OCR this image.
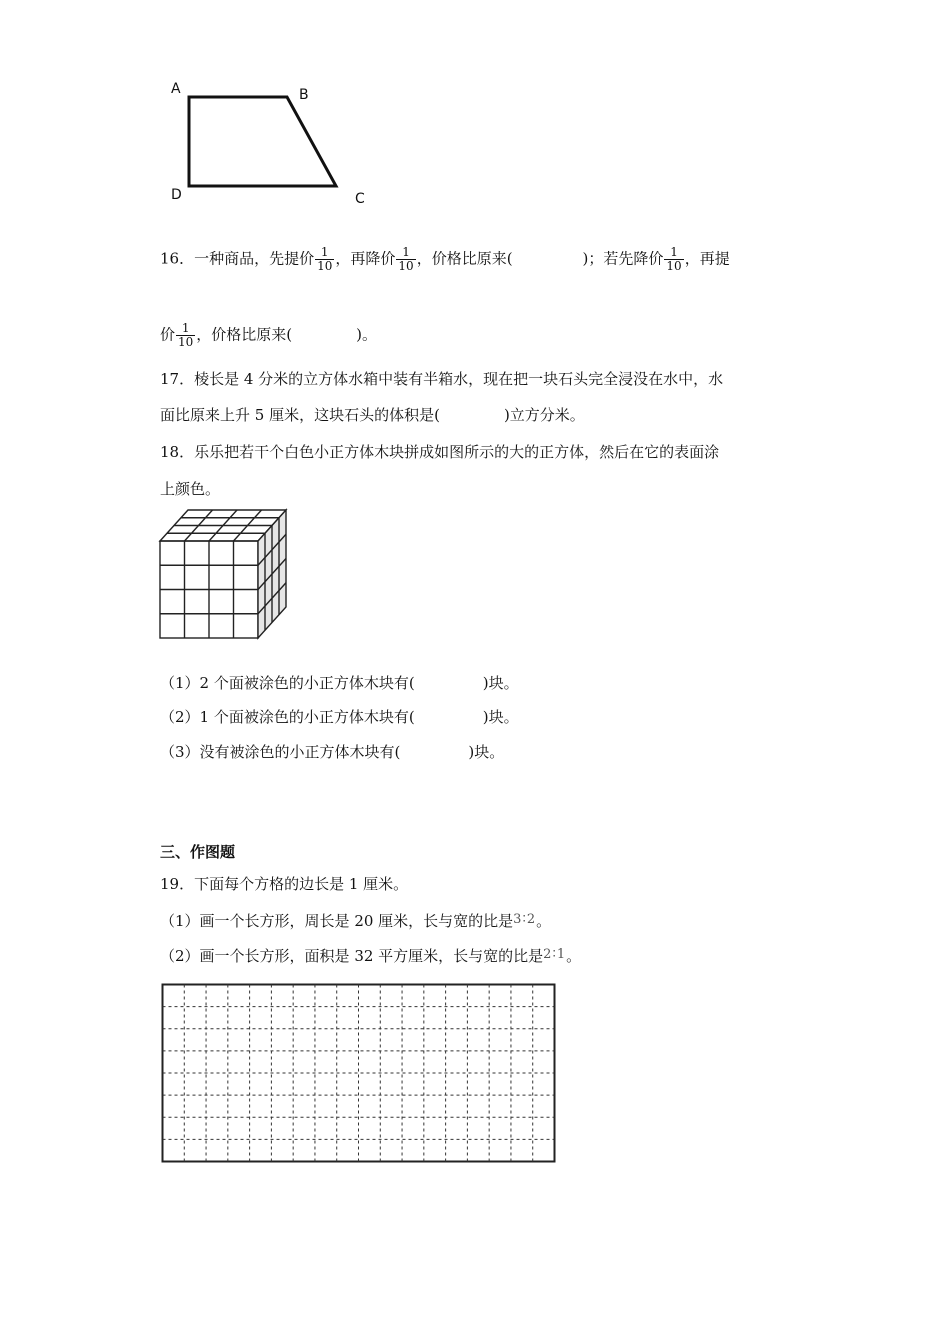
A	B
D	C
16．一种商品，先提价 $\frac{1}{10}$ ，再降价 $\frac{1}{10}$ ，价格比原来(	)；若先降价 $\frac{1}{10}$ ，再提
价 $\frac{1}{10}$ ，价格比原来(	)。
17．棱长是 4 分米的立方体水箱中装有半箱水，现在把一块石头完全浸没在水中，水
面比原来上升 5 厘米，这块石头的体积是(	)立方分米。
18．乐乐把若干个白色小正方体木块拼成如图所示的大的正方体，然后在它的表面涂
上颜色。
（1）2 个面被涂色的小正方体木块有(	)块。
（2）1 个面被涂色的小正方体木块有(	)块。
（3）没有被涂色的小正方体木块有(	)块。
三、作图题
19．下面每个方格的边长是 1 厘米。
（1）画一个长方形，周长是 20 厘米，长与宽的比是3∶2。
（2）画一个长方形，面积是 32 平方厘米，长与宽的比是2∶1。
